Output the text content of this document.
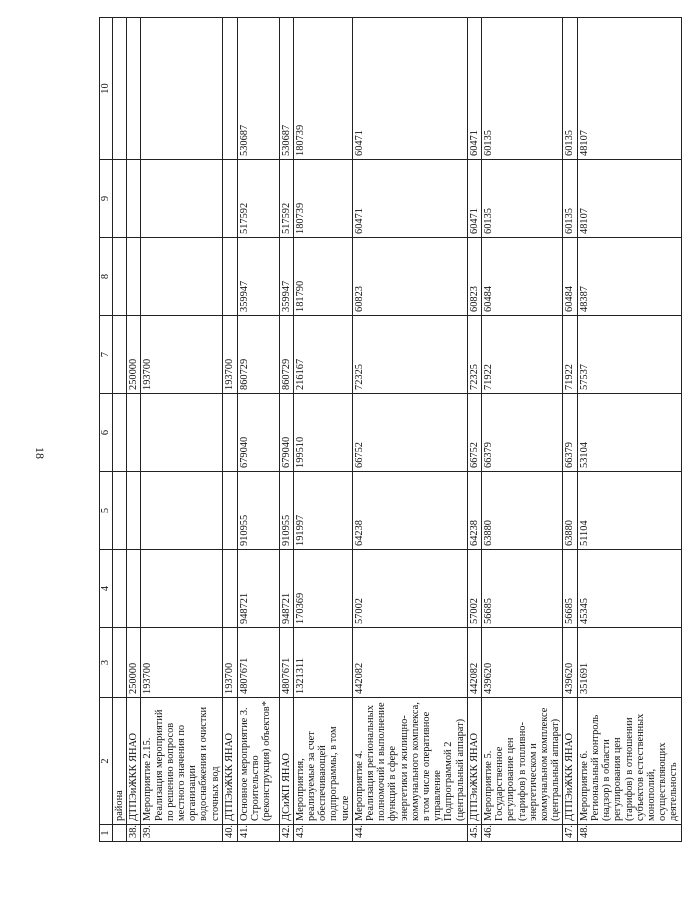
18
1	2	3	4	5	6	7	8	9	10
	района								
38.	ДТПЭиЖКК ЯНАО	250000				250000			
39.	Мероприятие 2.15. Реализация мероприятий по решению вопросов местного значения по организации водоснабжения и очистки сточных вод	193700				193700			
40.	ДТПЭиЖКК ЯНАО	193700				193700			
41.	Основное мероприятие 3. Строительство (реконструкция) объектов*	4807671	948721	910955	679040	860729	359947	517592	530687
42.	ДСиЖП ЯНАО	4807671	948721	910955	679040	860729	359947	517592	530687
43.	Мероприятия, реализуемые за счет обеспечивающей подпрограммы, в том числе	1321311	170369	191997	199510	216167	181790	180739	180739
44.	Мероприятие 4. Реализация региональных полномочий и выполнение функций в сфере энергетики и жилищно-коммунального комплекса, в том числе оперативное управление Подпрограммой 2 (центральный аппарат)	442082	57002	64238	66752	72325	60823	60471	60471
45.	ДТПЭиЖКК ЯНАО	442082	57002	64238	66752	72325	60823	60471	60471
46.	Мероприятие 5. Государственное регулирование цен (тарифов) в топливно-энергетическом и коммунальном комплексе (центральный аппарат)	439620	56685	63880	66379	71922	60484	60135	60135
47.	ДТПЭиЖКК ЯНАО	439620	56685	63880	66379	71922	60484	60135	60135
48.	Мероприятие 6. Региональный контроль (надзор) в области регулирования цен (тарифов) в отношении субъектов естественных монополий, осуществляющих деятельность	351691	45345	51104	53104	57537	48387	48107	48107
